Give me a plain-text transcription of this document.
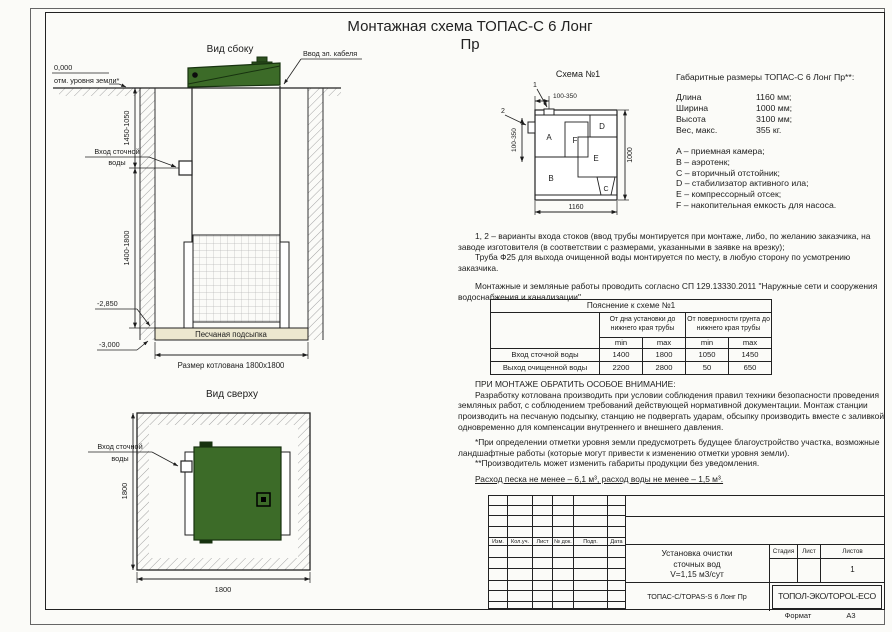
Монтажная схема ТОПАС-С 6 Лонг
Пр
Вид сбоку
Песчаная подсыпка
Ввод эл. кабеля
0,000
отм. уровня земли*
1450-1050
1400-1800
Вход сточной
воды
-2,850
-3,000
Размер котлована 1800х1800
Вид сверху
Вход сточной
воды
1800
1800
Схема №1
A
B
C
D
E
F
1
2
100-350
100-350
1000
1160
Габаритные размеры ТОПАС-С 6 Лонг Пр**:
Длина	1160 мм;
Ширина	1000 мм;
Высота	3100 мм;
Вес, макс.	355 кг.
A – приемная камера;
B – аэротенк;
C – вторичный отстойник;
D – стабилизатор активного ила;
E – компрессорный отсек;
F – накопительная емкость для насоса.
1, 2 – варианты входа стоков (ввод трубы монтируется при монтаже, либо, по желанию заказчика, на заводе изготовителя (в соответствии с размерами, указанными в заявке на врезку);
Труба Ф25 для выхода очищенной воды монтируется по месту, в любую сторону по усмотрению заказчика.
Монтажные и земляные работы проводить согласно СП 129.13330.2011 "Наружные сети и сооружения водоснабжения и канализации".
Пояснение к схеме №1				
	От дна установки до нижнего края трубы		От поверхности грунта до нижнего края трубы	
	min	max	min	max
Вход сточной воды	1400	1800	1050	1450
Выход очищенной воды	2200	2800	50	650
ПРИ МОНТАЖЕ ОБРАТИТЬ ОСОБОЕ ВНИМАНИЕ:
Разработку котлована производить при условии соблюдения правил техники безопасности проведения земляных работ, с соблюдением требований действующей нормативной документации. Монтаж станции производить на песчаную подсыпку, станцию не подвергать ударам, обсыпку производить вместе с заливкой одновременно для компенсации внутреннего и внешнего давления.
*При определении отметки уровня земли предусмотреть будущее благоустройство участка, возможные ландшафтные работы (которые могут привести к изменению отметки уровня земли).
**Производитель может изменить габариты продукции без уведомления.
Расход песка не менее – 6,1 м³, расход воды не менее – 1,5 м³.
Изм.	Кол.уч.	Лист	№ док.	Подп.	Дата
Установка очистки
сточных вод
V=1,15 м3/сут
Стадия	Лист	Листов
1
ТОПАС-С/TOPAS-S 6 Лонг Пр	ТОПОЛ-ЭКО/TOPOL-ECO
Формат	А3
